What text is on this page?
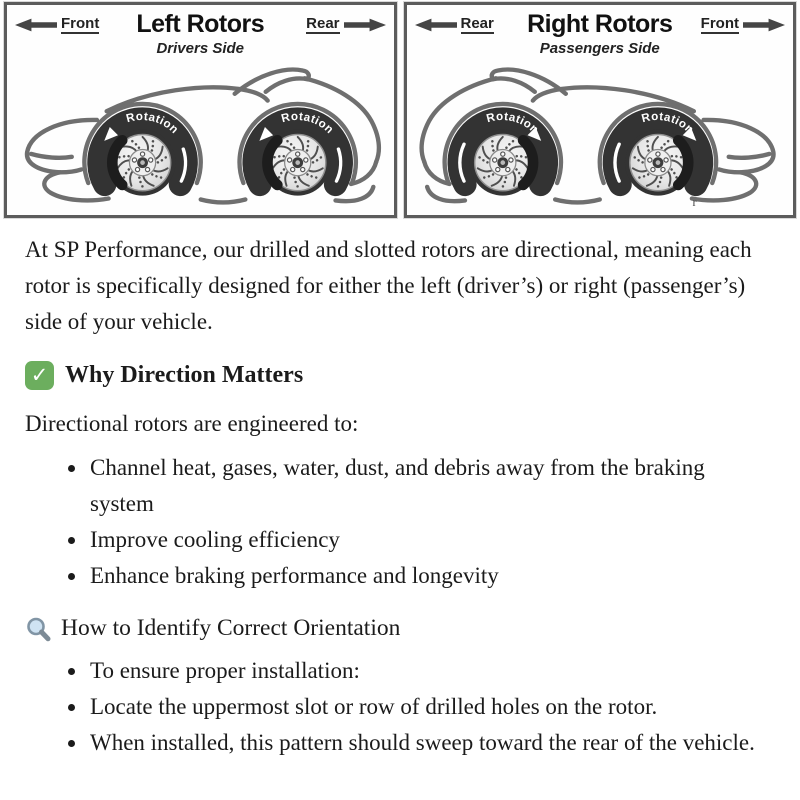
Front	Left Rotors
Drivers Side
Rear
Rotation
Rotation
Rear	Right Rotors
Passengers Side
Front
Rotation
Rotation
r

At SP Performance, our drilled and slotted rotors are directional, meaning each rotor is specifically designed for either the left (driver’s) or right (passenger’s) side of your vehicle.

✓ Why Direction Matters

Directional rotors are engineered to:

• Channel heat, gases, water, dust, and debris away from the braking system
• Improve cooling efficiency
• Enhance braking performance and longevity
How to Identify Correct Orientation
• To ensure proper installation:
• Locate the uppermost slot or row of drilled holes on the rotor.
• When installed, this pattern should sweep toward the rear of the vehicle.
